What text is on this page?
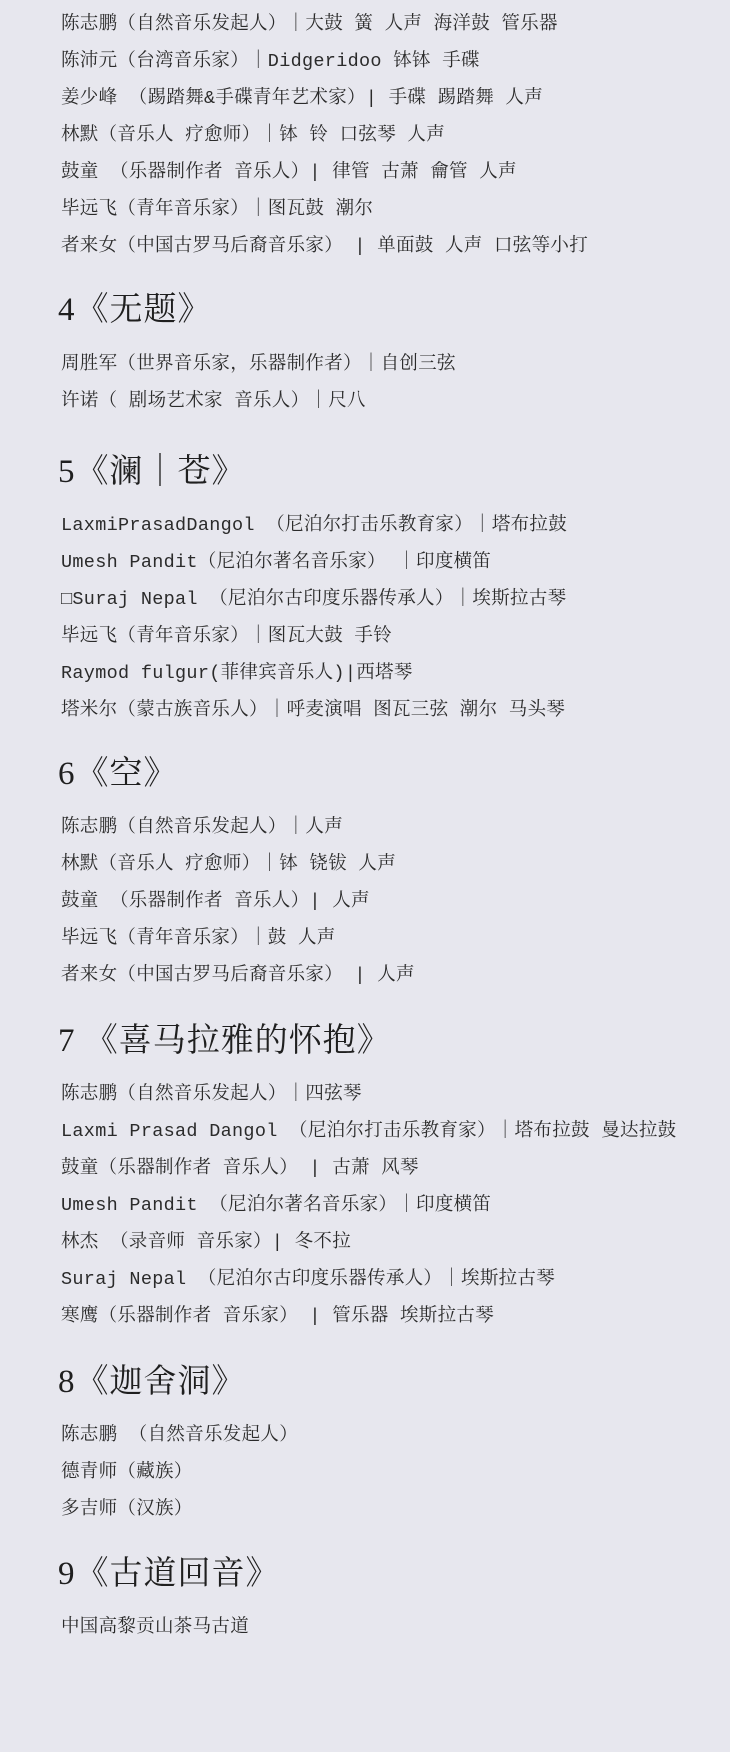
陈志鹏（自然音乐发起人）｜大鼓 簧 人声 海洋鼓 管乐器
陈沛元（台湾音乐家）｜Didgeridoo 钵钵 手碟
姜少峰 （踢踏舞&手碟青年艺术家）| 手碟 踢踏舞 人声
林默（音乐人 疗愈师）｜钵 铃 口弦琴 人声
鼓童 （乐器制作者 音乐人）| 律管 古萧 龠管 人声
毕远飞（青年音乐家）｜图瓦鼓 潮尔
者来女（中国古罗马后裔音乐家） | 单面鼓 人声 口弦等小打
4《无题》
周胜军（世界音乐家，乐器制作者）｜自创三弦
许诺（ 剧场艺术家 音乐人）｜尺八
5《澜｜苍》
LaxmiPrasadDangol （尼泊尔打击乐教育家）｜塔布拉鼓
Umesh Pandit（尼泊尔著名音乐家） ｜印度横笛
□Suraj Nepal （尼泊尔古印度乐器传承人）｜埃斯拉古琴
毕远飞（青年音乐家）｜图瓦大鼓 手铃
Raymod fulgur(菲律宾音乐人)|西塔琴
塔米尔（蒙古族音乐人）｜呼麦演唱 图瓦三弦 潮尔 马头琴
6《空》
陈志鹏（自然音乐发起人）｜人声
林默（音乐人 疗愈师）｜钵 铙钹 人声
鼓童 （乐器制作者 音乐人）| 人声
毕远飞（青年音乐家）｜鼓 人声
者来女（中国古罗马后裔音乐家） | 人声
7 《喜马拉雅的怀抱》
陈志鹏（自然音乐发起人）｜四弦琴
Laxmi Prasad Dangol （尼泊尔打击乐教育家）｜塔布拉鼓 曼达拉鼓
鼓童（乐器制作者 音乐人） | 古萧 风琴
Umesh Pandit （尼泊尔著名音乐家）｜印度横笛
林杰 （录音师 音乐家）| 冬不拉
Suraj Nepal （尼泊尔古印度乐器传承人）｜埃斯拉古琴
寒鹰（乐器制作者 音乐家） | 管乐器 埃斯拉古琴
8《迦舍洞》
陈志鹏 （自然音乐发起人）
德青师（藏族）
多吉师（汉族）
9《古道回音》
中国高黎贡山茶马古道
